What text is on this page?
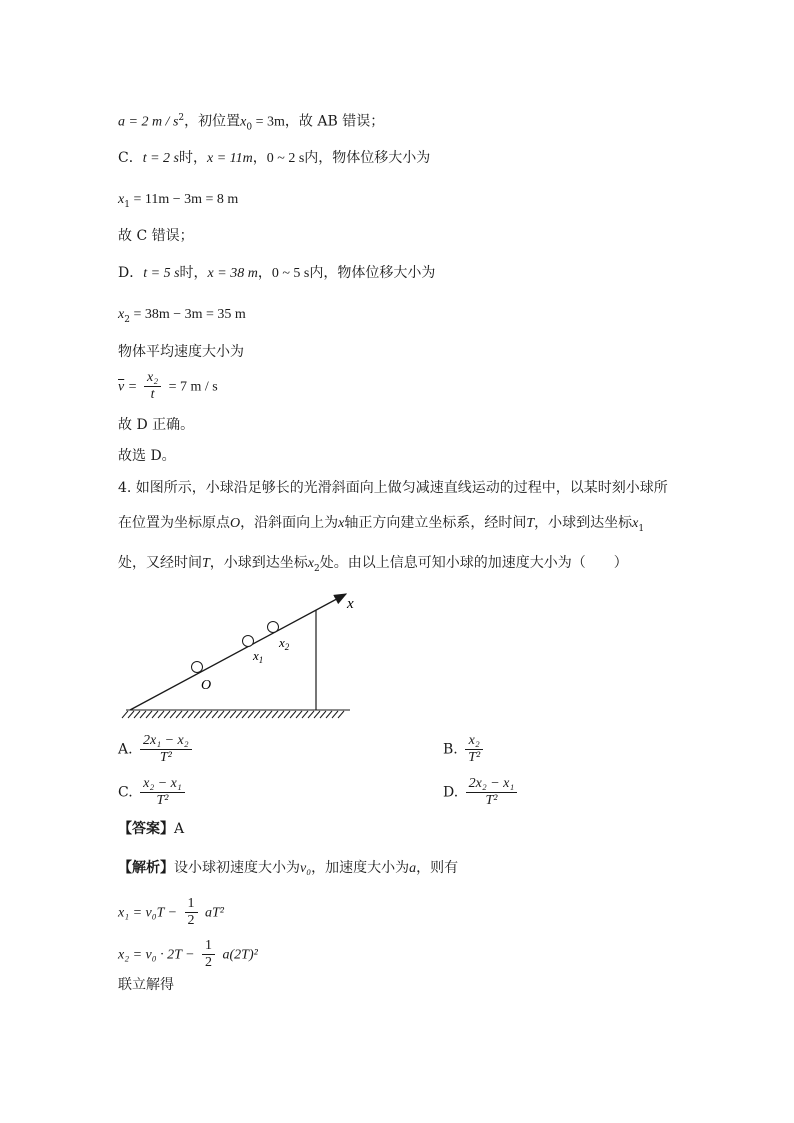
a = 2 m / $s^2$，初位置$x_0 = 3m$，故 AB 错误；
C．t = 2 s时，x = 11m，0 ~ 2 s内，物体位移大小为
$x_1 = 11m - 3m = 8$ m
故 C 错误；
D．t = 5 s时，x = 38 m，0 ~ 5 s内，物体位移大小为
$x_2 = 38m - 3m = 35$ m
物体平均速度大小为
$\overline{v} = \frac{\text{x₂}}{t} = 7$ m / s
故 D 正确。
故选 D。
4. 如图所示，小球沿足够长的光滑斜面向上做匀减速直线运动的过程中，以某时刻小球所
在位置为坐标原点O，沿斜面向上为x轴正方向建立坐标系，经时间T，小球到达坐标$x_1$
处，又经时间T，小球到达坐标$x_2$处。由以上信息可知小球的加速度大小为（　　）
x
O
$x_1$
$x_2$
A. $\frac{\text{2x₁ − x₂}}{\text{T²}}$	B. $\frac{\text{x₂}}{\text{T²}}$
C. $\frac{\text{x₂ − x₁}}{\text{T²}}$	D. $\frac{\text{2x₂ − x₁}}{\text{T²}}$
【答案】A
【解析】设小球初速度大小为v₀，加速度大小为a，则有
$x_1 = v_0T - \frac{1}{2} aT^2$
$x_2 = v_0 \cdot 2T - \frac{1}{2} a(2T)^2$
联立解得
